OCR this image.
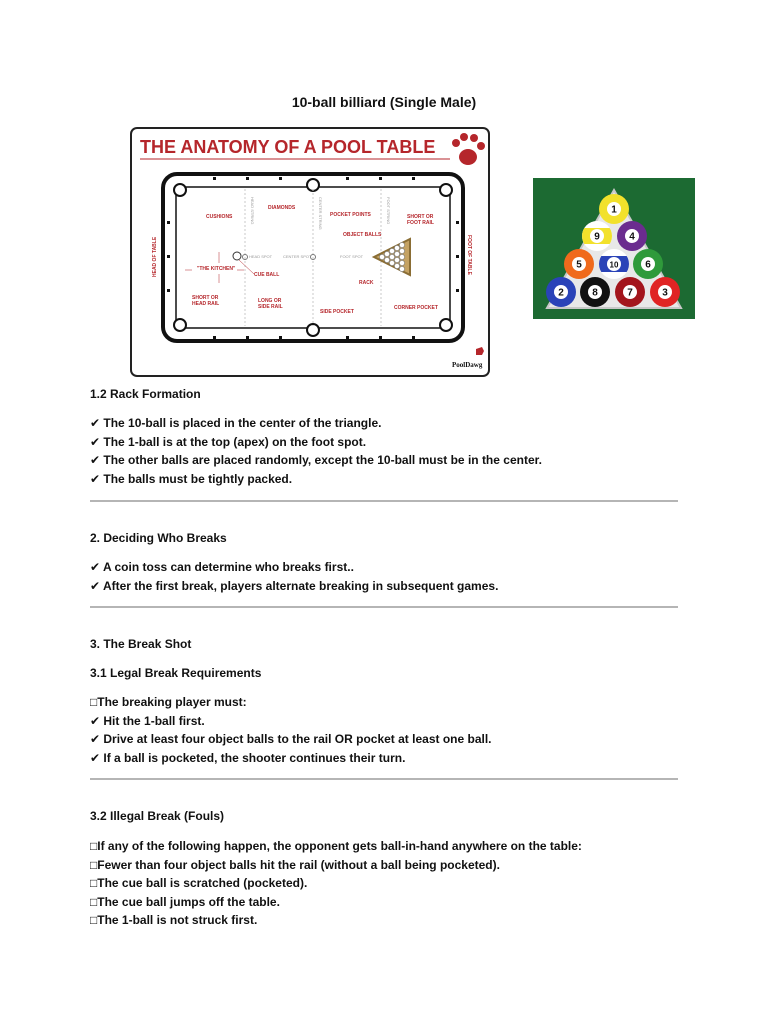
10-ball billiard (Single Male)
THE ANATOMY OF A POOL TABLE
HEAD OF TABLE	FOOT OF TABLE
CUSHIONS
DIAMONDS
POCKET POINTS	SHORT OR FOOT RAIL
OBJECT BALLS
"THE KITCHEN"
CUE BALL
RACK
SHORT OR HEAD RAIL	LONG OR SIDE RAIL
SIDE POCKET
CORNER POCKET
HEAD STRING	CENTER STRING	FOOT STRING
HEAD SPOT	CENTER SPOT	FOOT SPOT
PoolDawg
1
9	4
5	10	6
2	8	7	3
1.2 Rack Formation

✔ The 10-ball is placed in the center of the triangle.

✔ The 1-ball is at the top (apex) on the foot spot.

✔ The other balls are placed randomly, except the 10-ball must be in the center.

✔ The balls must be tightly packed.

2. Deciding Who Breaks

✔ A coin toss can determine who breaks first..

✔ After the first break, players alternate breaking in subsequent games.

3. The Break Shot
3.1 Legal Break Requirements

□The breaking player must:

✔ Hit the 1-ball first.

✔ Drive at least four object balls to the rail OR pocket at least one ball.

✔ If a ball is pocketed, the shooter continues their turn.

3.2 Illegal Break (Fouls)

□If any of the following happen, the opponent gets ball-in-hand anywhere on the table:

□Fewer than four object balls hit the rail (without a ball being pocketed).

□The cue ball is scratched (pocketed).

□The cue ball jumps off the table.

□The 1-ball is not struck first.
